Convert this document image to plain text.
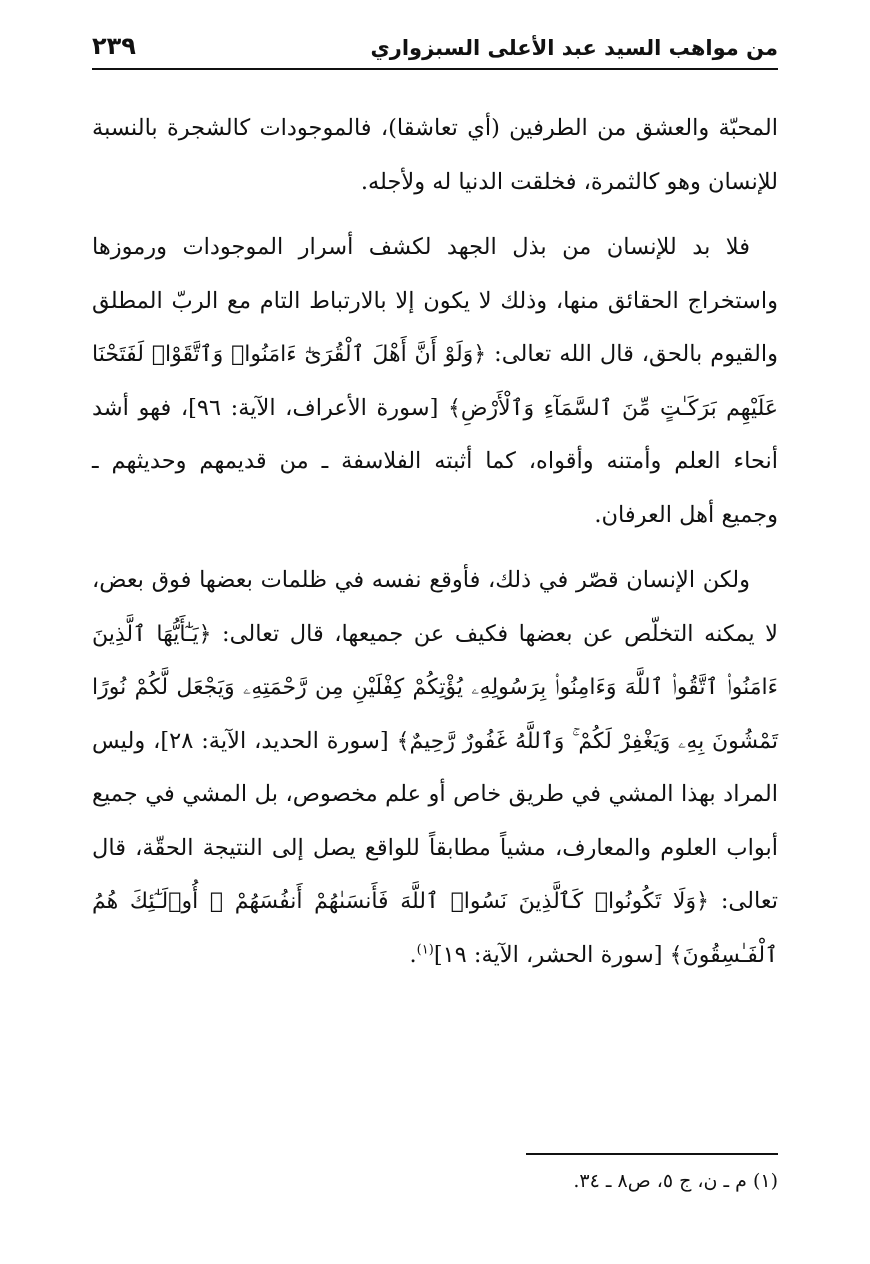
من مواهب السيد عبد الأعلى السبزواري
٢٣٩

المحبّة والعشق من الطرفين (أي تعاشقا)، فالموجودات كالشجرة بالنسبة للإنسان وهو كالثمرة، فخلقت الدنيا له ولأجله.

فلا بد للإنسان من بذل الجهد لكشف أسرار الموجودات ورموزها واستخراج الحقائق منها، وذلك لا يكون إلا بالارتباط التام مع الربّ المطلق والقيوم بالحق، قال الله تعالى: ﴿وَلَوْ أَنَّ أَهْلَ ٱلْقُرَىٰٓ ءَامَنُوا۟ وَٱتَّقَوْا۟ لَفَتَحْنَا عَلَيْهِم بَرَكَـٰتٍ مِّنَ ٱلسَّمَآءِ وَٱلْأَرْضِ﴾ [سورة الأعراف، الآية: ٩٦]، فهو أشد أنحاء العلم وأمتنه وأقواه، كما أثبته الفلاسفة ـ من قديمهم وحديثهم ـ وجميع أهل العرفان.

ولكن الإنسان قصّر في ذلك، فأوقع نفسه في ظلمات بعضها فوق بعض، لا يمكنه التخلّص عن بعضها فكيف عن جميعها، قال تعالى: ﴿يَـٰٓأَيُّهَا ٱلَّذِينَ ءَامَنُوا۟ ٱتَّقُوا۟ ٱللَّهَ وَءَامِنُوا۟ بِرَسُولِهِۦ يُؤْتِكُمْ كِفْلَيْنِ مِن رَّحْمَتِهِۦ وَيَجْعَل لَّكُمْ نُورًا تَمْشُونَ بِهِۦ وَيَغْفِرْ لَكُمْ ۚ وَٱللَّهُ غَفُورٌ رَّحِيمٌ﴾ [سورة الحديد، الآية: ٢٨]، وليس المراد بهذا المشي في طريق خاص أو علم مخصوص، بل المشي في جميع أبواب العلوم والمعارف، مشياً مطابقاً للواقع يصل إلى النتيجة الحقّة، قال تعالى: ﴿وَلَا تَكُونُوا۟ كَٱلَّذِينَ نَسُوا۟ ٱللَّهَ فَأَنسَىٰهُمْ أَنفُسَهُمْ ۚ أُو۟لَـٰٓئِكَ هُمُ ٱلْفَـٰسِقُونَ﴾ [سورة الحشر، الآية: ١٩]$^{(١)}$.

(١) م ـ ن، ج ٥، ص٨ ـ ٣٤.
